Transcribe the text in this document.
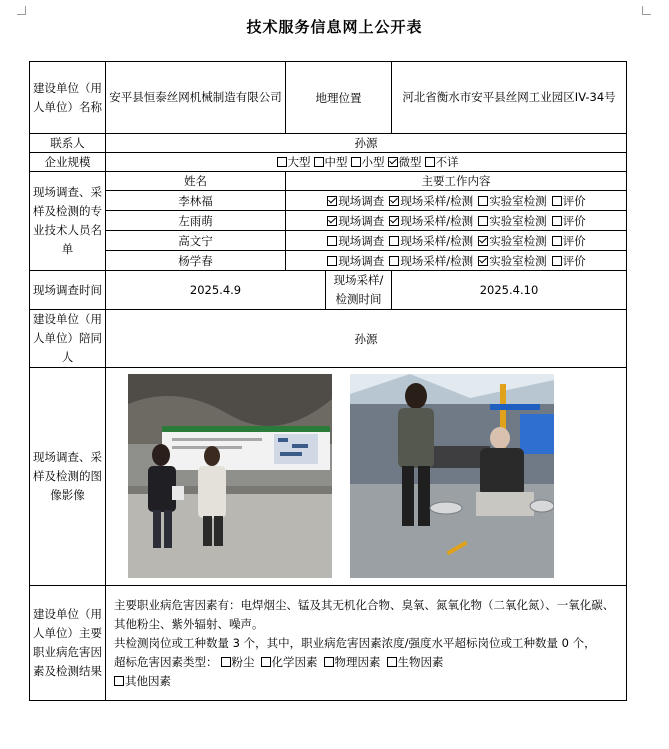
技术服务信息网上公开表
建设单位（用人单位）名称	安平县恒泰丝网机械制造有限公司	地理位置		河北省衡水市安平县丝网工业园区IV-34号
联系人	孙源			
企业规模	大型 中型 小型 微型 不详			
现场调查、采样及检测的专业技术人员名单	姓名	主要工作内容		
	李林福	现场调查 现场采样/检测 实验室检测 评价		
	左雨萌	现场调查 现场采样/检测 实验室检测 评价		
	高文宁	现场调查 现场采样/检测 实验室检测 评价		
	杨学春	现场调查 现场采样/检测 实验室检测 评价		
现场调查时间	2025.4.9		现场采样/检测时间	2025.4.10
建设单位（用人单位）陪同人	孙源			
现场调查、采样及检测的图像影像	

建设单位（用人单位）主要职业病危害因素及检测结果	主要职业病危害因素有：电焊烟尘、锰及其无机化合物、臭氧、氮氧化物（二氧化氮）、一氧化碳、其他粉尘、紫外辐射、噪声。
共检测岗位或工种数量 3 个，其中，职业病危害因素浓度/强度水平超标岗位或工种数量 0 个，
超标危害因素类型： 粉尘 化学因素 物理因素 生物因素
其他因素			
